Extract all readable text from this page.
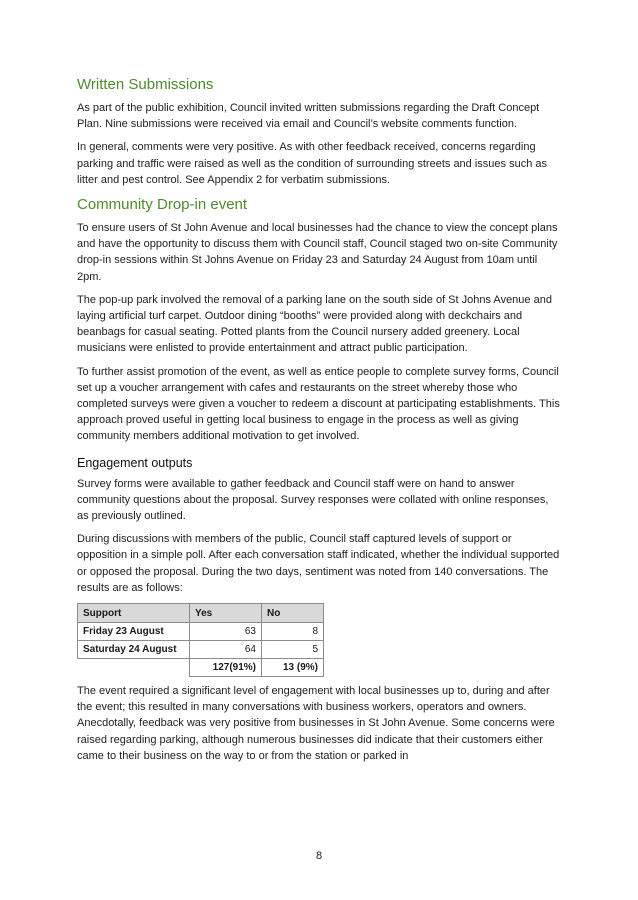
Written Submissions

As part of the public exhibition, Council invited written submissions regarding the Draft Concept Plan. Nine submissions were received via email and Council’s website comments function.

In general, comments were very positive. As with other feedback received, concerns regarding parking and traffic were raised as well as the condition of surrounding streets and issues such as litter and pest control. See Appendix 2 for verbatim submissions.

Community Drop-in event

To ensure users of St John Avenue and local businesses had the chance to view the concept plans and have the opportunity to discuss them with Council staff, Council staged two on-site Community drop-in sessions within St Johns Avenue on Friday 23 and Saturday 24 August from 10am until 2pm.

The pop-up park involved the removal of a parking lane on the south side of St Johns Avenue and laying artificial turf carpet. Outdoor dining “booths” were provided along with deckchairs and beanbags for casual seating. Potted plants from the Council nursery added greenery. Local musicians were enlisted to provide entertainment and attract public participation.

To further assist promotion of the event, as well as entice people to complete survey forms, Council set up a voucher arrangement with cafes and restaurants on the street whereby those who completed surveys were given a voucher to redeem a discount at participating establishments. This approach proved useful in getting local business to engage in the process as well as giving community members additional motivation to get involved.

Engagement outputs

Survey forms were available to gather feedback and Council staff were on hand to answer community questions about the proposal. Survey responses were collated with online responses, as previously outlined.

During discussions with members of the public, Council staff captured levels of support or opposition in a simple poll. After each conversation staff indicated, whether the individual supported or opposed the proposal. During the two days, sentiment was noted from 140 conversations. The results are as follows:

Support	Yes	No
Friday 23 August	63	8
Saturday 24 August	64	5
	127(91%)	13 (9%)

The event required a significant level of engagement with local businesses up to, during and after the event; this resulted in many conversations with business workers, operators and owners. Anecdotally, feedback was very positive from businesses in St John Avenue. Some concerns were raised regarding parking, although numerous businesses did indicate that their customers either came to their business on the way to or from the station or parked in

8
